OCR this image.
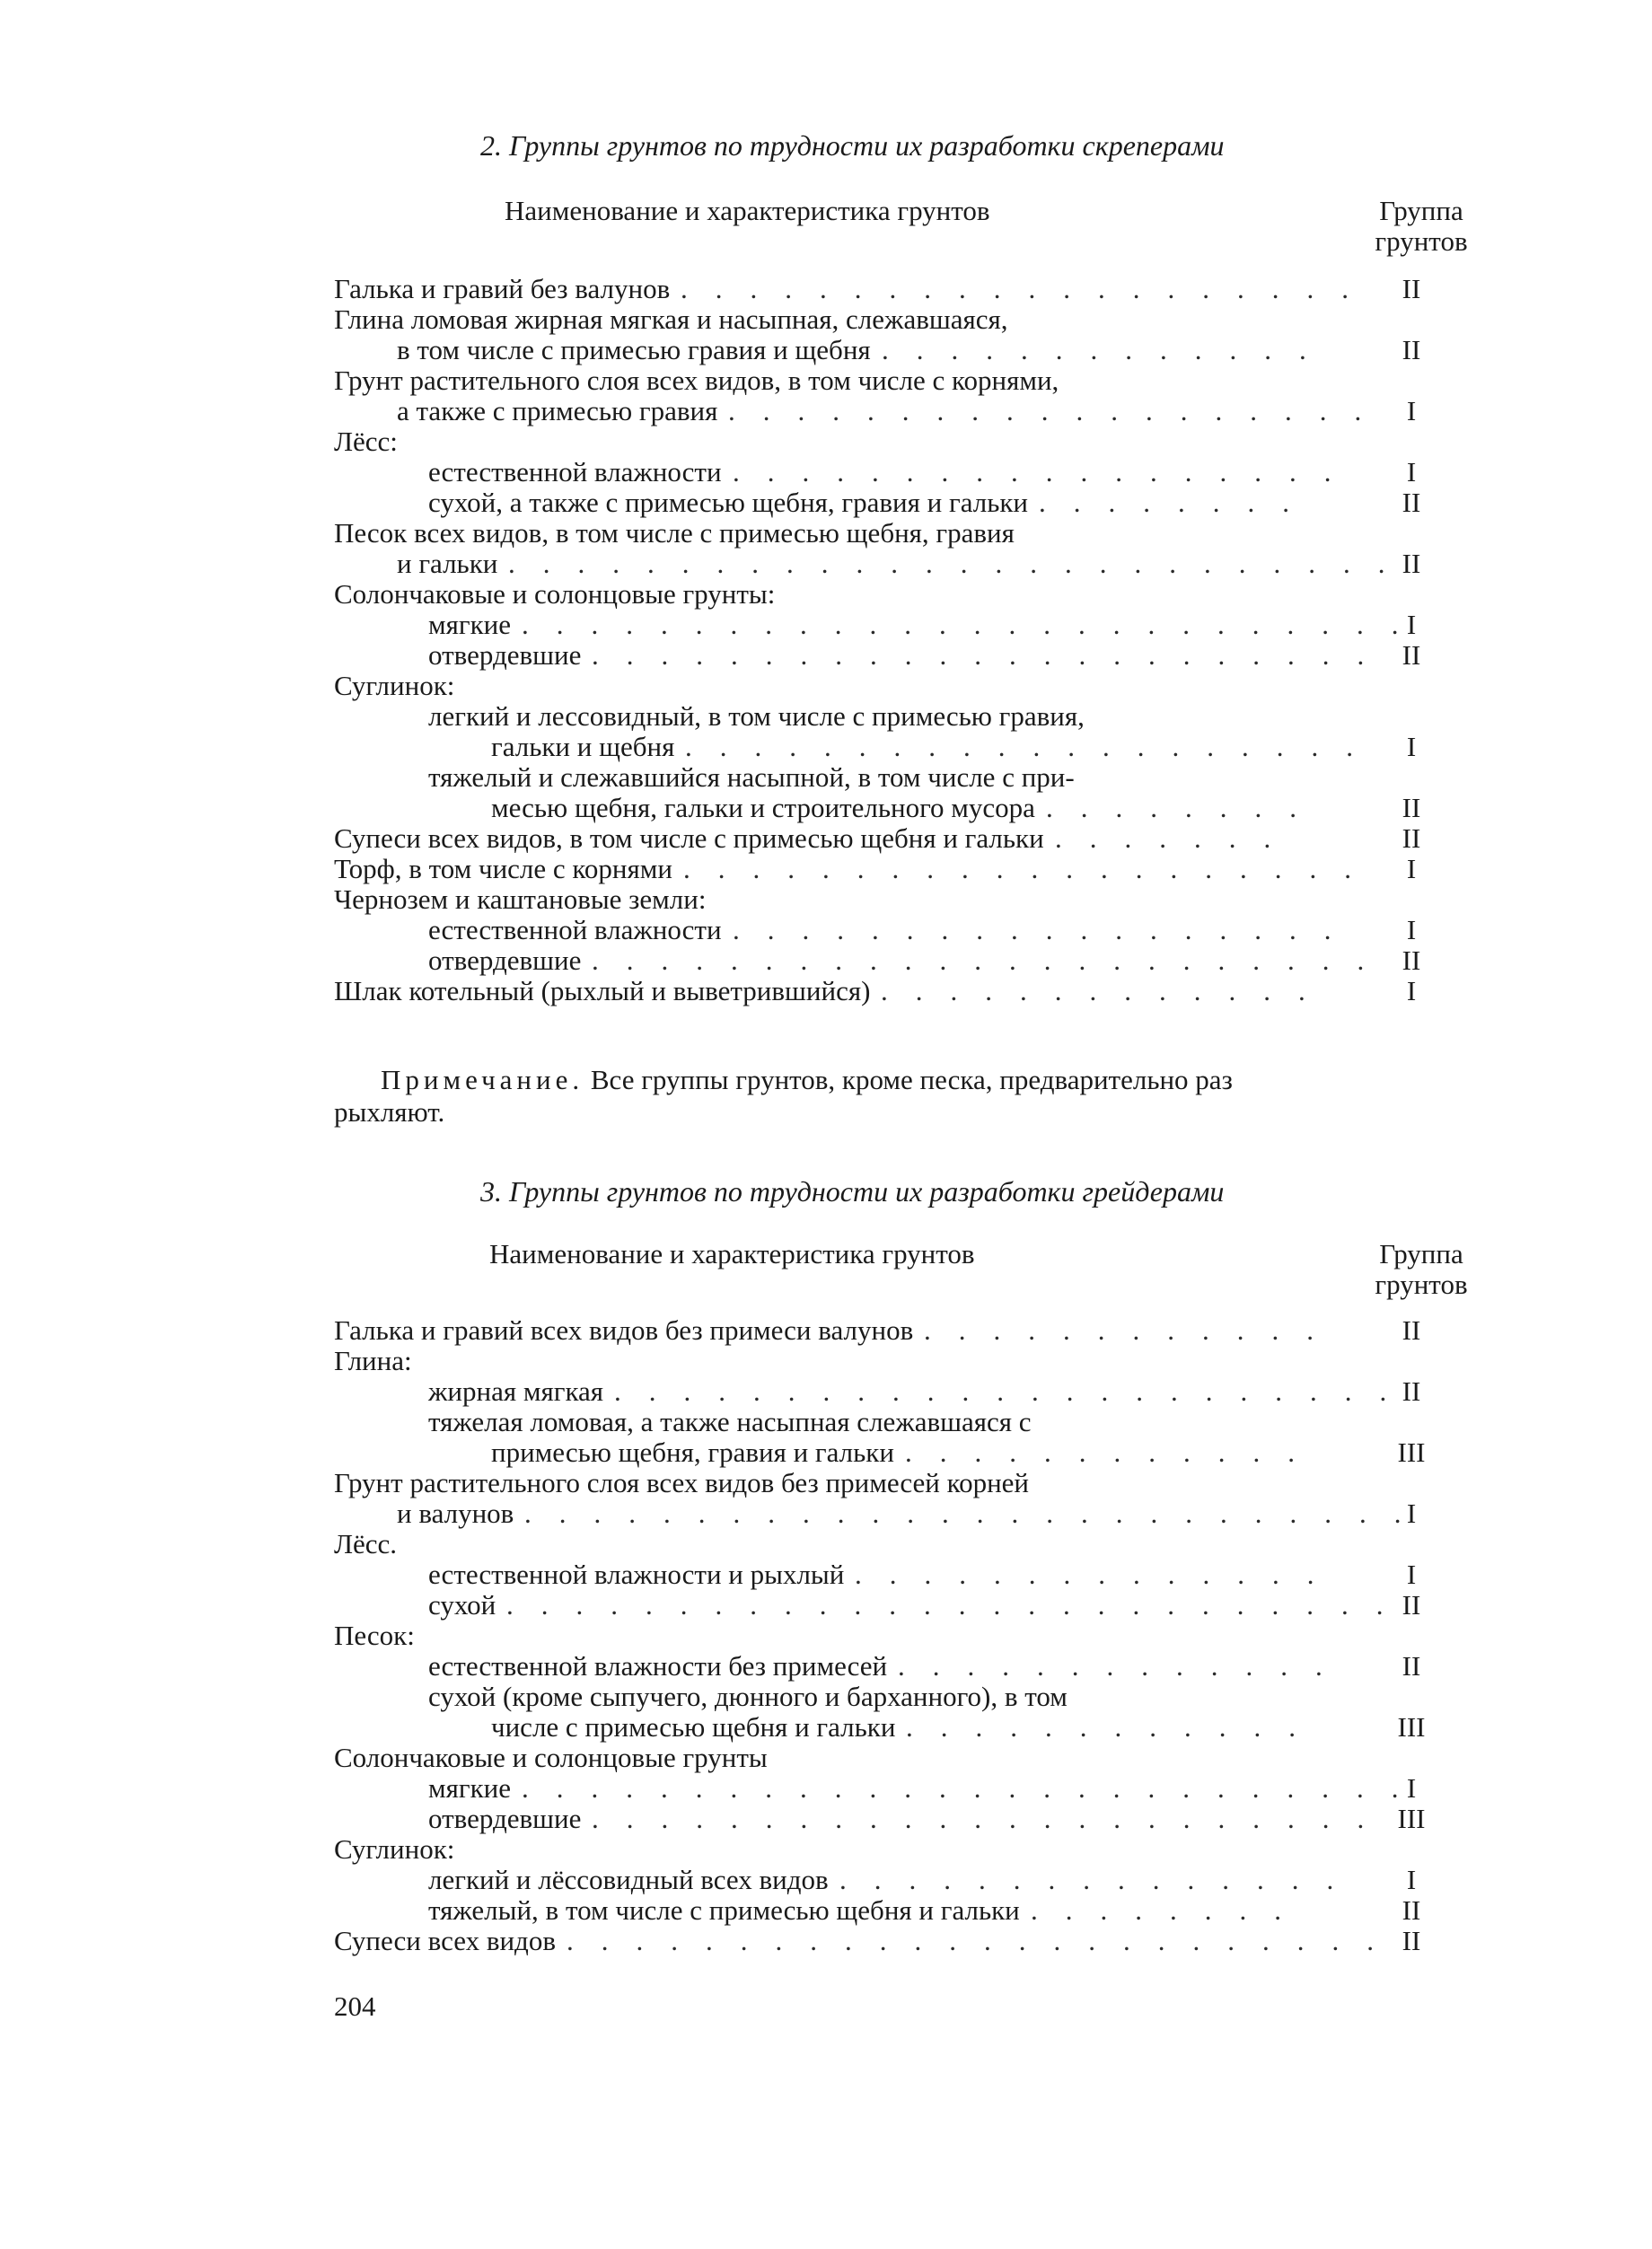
2. Группы грунтов по трудности их разработки скреперами
Наименование и характеристика грунтов	Группа
грунтов
Галька и гравий без валунов .  .  .  .  .  .  .  .  .  .  .  .  .  .  .  .  .  .  .  .	II
Глина ломовая жирная мягкая и насыпная, слежавшаяся,
в том числе с примесью гравия и щебня .  .  .  .  .  .  .  .  .  .  .  .  .	II
Грунт растительного слоя всех видов, в том числе с корнями,
а также с примесью гравия .  .  .  .  .  .  .  .  .  .  .  .  .  .  .  .  .  .  .	I
Лёсс:
естественной влажности .  .  .  .  .  .  .  .  .  .  .  .  .  .  .  .  .  .	I
сухой, а также с примесью щебня, гравия и гальки .  .  .  .  .  .  .  .	II
Песок всех видов, в том числе с примесью щебня, гравия
и гальки .  .  .  .  .  .  .  .  .  .  .  .  .  .  .  .  .  .  .  .  .  .  .  .  .  . II
Солончаковые и солонцовые грунты:
мягкие .  .  .  .  .  .  .  .  .  .  .  .  .  .  .  .  .  .  .  .  .  .  .  .  .  . I
отвердевшие .  .  .  .  .  .  .  .  .  .  .  .  .  .  .  .  .  .  .  .  .  .  .	II
Суглинок:
легкий и лессовидный, в том числе с примесью гравия,
гальки и щебня .  .  .  .  .  .  .  .  .  .  .  .  .  .  .  .  .  .  .  .	I
тяжелый и слежавшийся насыпной, в том числе с при-
месью щебня, гальки и строительного мусора .  .  .  .  .  .  .  .	II
Супеси всех видов, в том числе с примесью щебня и гальки .  .  .  .  .  .  .	II
Торф, в том числе с корнями .  .  .  .  .  .  .  .  .  .  .  .  .  .  .  .  .  .  .  .	I
Чернозем и каштановые земли:
естественной влажности .  .  .  .  .  .  .  .  .  .  .  .  .  .  .  .  .  .	I
отвердевшие .  .  .  .  .  .  .  .  .  .  .  .  .  .  .  .  .  .  .  .  .  .  .	II
Шлак котельный (рыхлый и выветрившийся) .  .  .  .  .  .  .  .  .  .  .  .  .	I
Примечание. Все группы грунтов, кроме песка, предварительно раз
рыхляют.
3. Группы грунтов по трудности их разработки грейдерами
Наименование и характеристика грунтов	Группа
грунтов
Галька и гравий всех видов без примеси валунов .  .  .  .  .  .  .  .  .  .  .  .	II
Глина:
жирная мягкая .  .  .  .  .  .  .  .  .  .  .  .  .  .  .  .  .  .  .  .  .  .  . II
тяжелая ломовая, а также насыпная слежавшаяся с
примесью щебня, гравия и гальки .  .  .  .  .  .  .  .  .  .  .  .	III
Грунт растительного слоя всех видов без примесей корней
и валунов .  .  .  .  .  .  .  .  .  .  .  .  .  .  .  .  .  .  .  .  .  .  .  .  .  . I
Лёсс.
естественной влажности и рыхлый .  .  .  .  .  .  .  .  .  .  .  .  .  .	I
сухой .  .  .  .  .  .  .  .  .  .  .  .  .  .  .  .  .  .  .  .  .  .  .  .  .  . II
Песок:
естественной влажности без примесей .  .  .  .  .  .  .  .  .  .  .  .  .	II
сухой (кроме сыпучего, дюнного и барханного), в том
числе с примесью щебня и гальки .  .  .  .  .  .  .  .  .  .  .  .	III
Солончаковые и солонцовые грунты
мягкие .  .  .  .  .  .  .  .  .  .  .  .  .  .  .  .  .  .  .  .  .  .  .  .  .  . I
отвердевшие .  .  .  .  .  .  .  .  .  .  .  .  .  .  .  .  .  .  .  .  .  .  .	III
Суглинок:
легкий и лёссовидный всех видов .  .  .  .  .  .  .  .  .  .  .  .  .  .  .	I
тяжелый, в том числе с примесью щебня и гальки .  .  .  .  .  .  .  .	II
Супеси всех видов .  .  .  .  .  .  .  .  .  .  .  .  .  .  .  .  .  .  .  .  .  .  .  .	II
204
